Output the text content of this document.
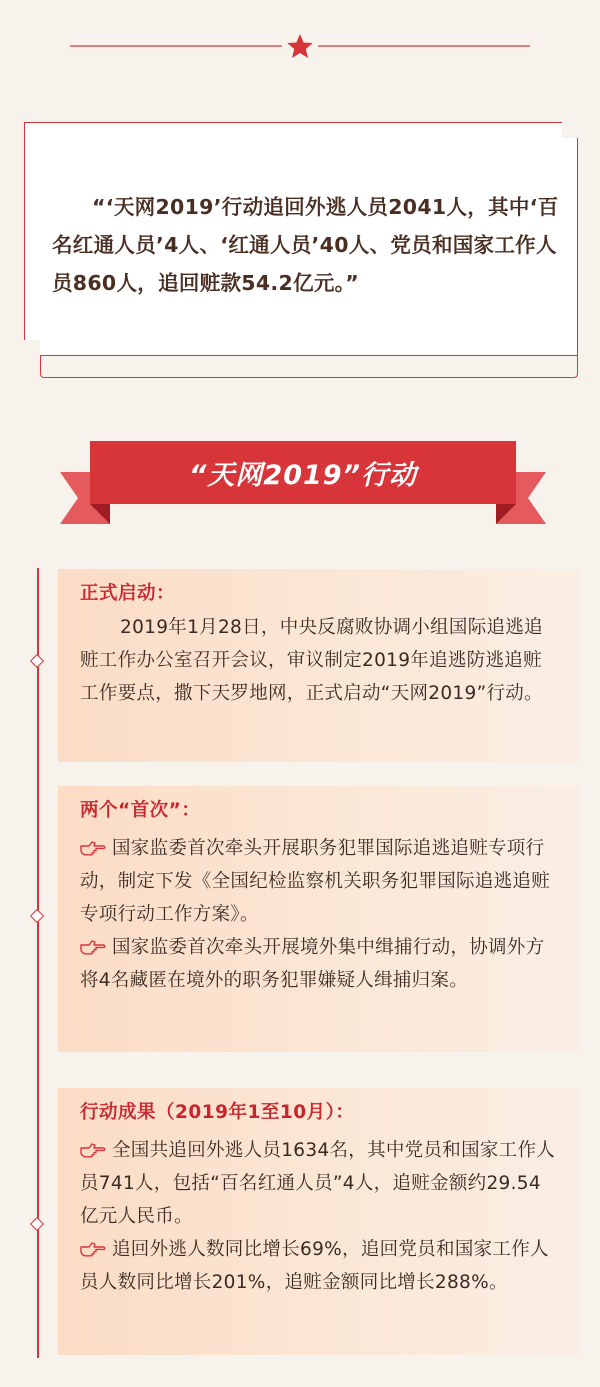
“‘天网2019’行动追回外逃人员2041人，其中‘百名红通人员’4人、‘红通人员’40人、党员和国家工作人员860人，追回赃款54.2亿元。”
“天网2019”行动
正式启动：
2019年1月28日，中央反腐败协调小组国际追逃追赃工作办公室召开会议，审议制定2019年追逃防逃追赃工作要点，撒下天罗地网，正式启动“天网2019”行动。
两个“首次”：
国家监委首次牵头开展职务犯罪国际追逃追赃专项行动，制定下发《全国纪检监察机关职务犯罪国际追逃追赃专项行动工作方案》。
国家监委首次牵头开展境外集中缉捕行动，协调外方将4名藏匿在境外的职务犯罪嫌疑人缉捕归案。
行动成果（2019年1至10月）：
全国共追回外逃人员1634名，其中党员和国家工作人员741人，包括“百名红通人员”4人，追赃金额约29.54亿元人民币。
追回外逃人数同比增长69%，追回党员和国家工作人员人数同比增长201%，追赃金额同比增长288%。
